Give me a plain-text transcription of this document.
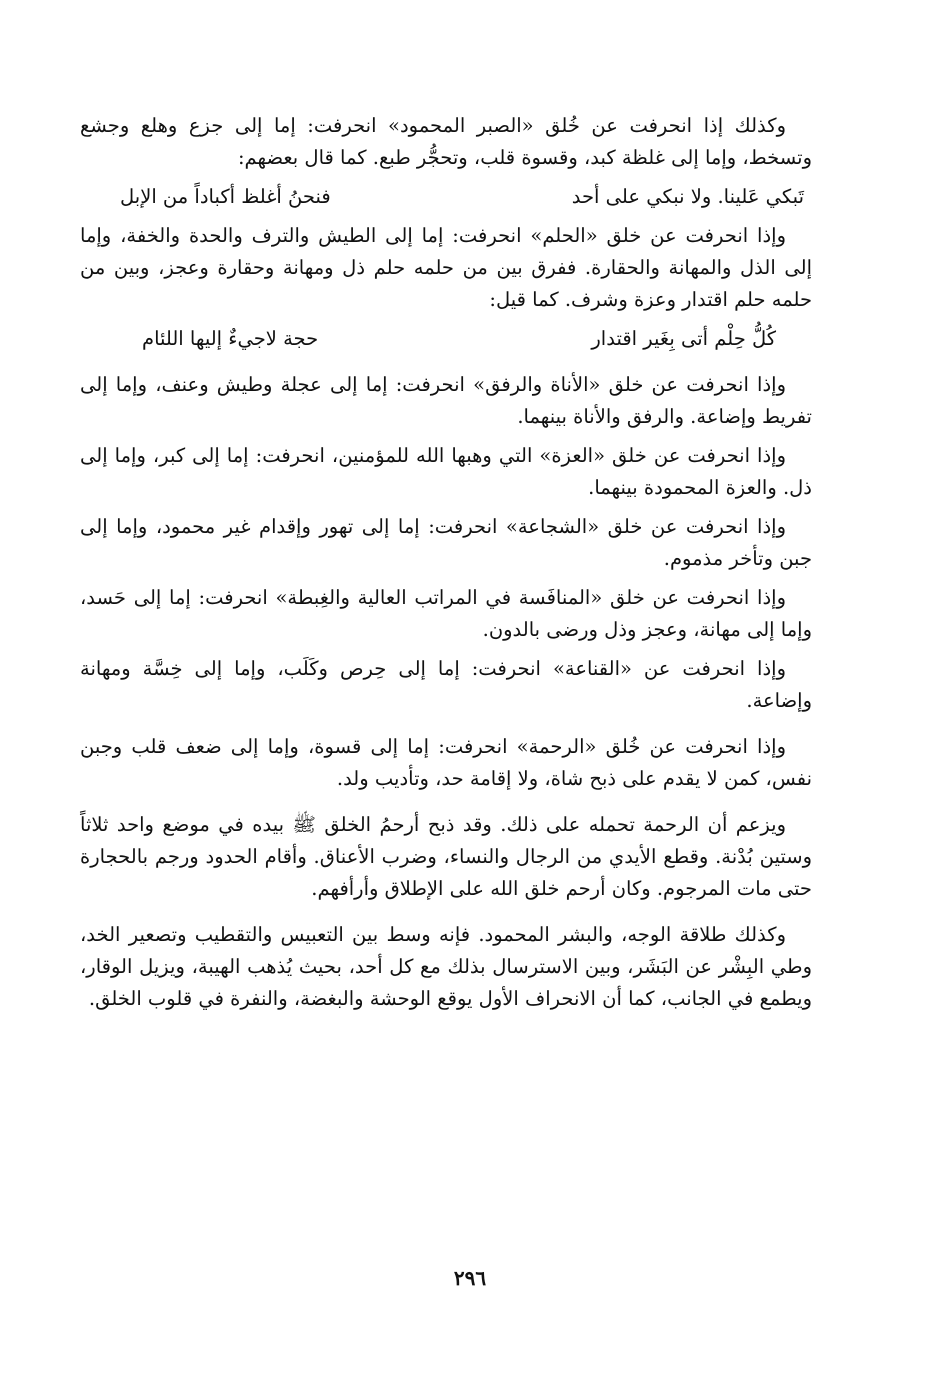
وكذلك إذا انحرفت عن خُلق «الصبر المحمود» انحرفت: إما إلى جزع وهلع وجشع وتسخط، وإما إلى غلظة كبد، وقسوة قلب، وتحجُّر طبع. كما قال بعضهم:

تَبكي عَلينا. ولا نبكي على أحد
فنحنُ أغلظ أكباداً من الإبل

وإذا انحرفت عن خلق «الحلم» انحرفت: إما إلى الطيش والترف والحدة والخفة، وإما إلى الذل والمهانة والحقارة. ففرق بين من حلمه حلم ذل ومهانة وحقارة وعجز، وبين من حلمه حلم اقتدار وعزة وشرف. كما قيل:

كُلُّ حِلْم أتى بِغَير اقتدار
حجة لاجيءٌ إليها اللئام

وإذا انحرفت عن خلق «الأناة والرفق» انحرفت: إما إلى عجلة وطيش وعنف، وإما إلى تفريط وإضاعة. والرفق والأناة بينهما.

وإذا انحرفت عن خلق «العزة» التي وهبها الله للمؤمنين، انحرفت: إما إلى كبر، وإما إلى ذل. والعزة المحمودة بينهما.

وإذا انحرفت عن خلق «الشجاعة» انحرفت: إما إلى تهور وإقدام غير محمود، وإما إلى جبن وتأخر مذموم.

وإذا انحرفت عن خلق «المنافَسة في المراتب العالية والغِبطة» انحرفت: إما إلى حَسد، وإما إلى مهانة، وعجز وذل ورضى بالدون.

وإذا انحرفت عن «القناعة» انحرفت: إما إلى حِرص وكَلَب، وإما إلى خِسَّة ومهانة وإضاعة.

وإذا انحرفت عن خُلق «الرحمة» انحرفت: إما إلى قسوة، وإما إلى ضعف قلب وجبن نفس، كمن لا يقدم على ذبح شاة، ولا إقامة حد، وتأديب ولد.

ويزعم أن الرحمة تحمله على ذلك. وقد ذبح أرحمُ الخلق ﷺ بيده في موضع واحد ثلاثاً وستين بُدْنة. وقطع الأيدي من الرجال والنساء، وضرب الأعناق. وأقام الحدود ورجم بالحجارة حتى مات المرجوم. وكان أرحم خلق الله على الإطلاق وأرأفهم.

وكذلك طلاقة الوجه، والبشر المحمود. فإنه وسط بين التعبيس والتقطيب وتصعير الخد، وطي البِشْر عن البَشَر، وبين الاسترسال بذلك مع كل أحد، بحيث يُذهب الهيبة، ويزيل الوقار، ويطمع في الجانب، كما أن الانحراف الأول يوقع الوحشة والبغضة، والنفرة في قلوب الخلق.

٢٩٦
